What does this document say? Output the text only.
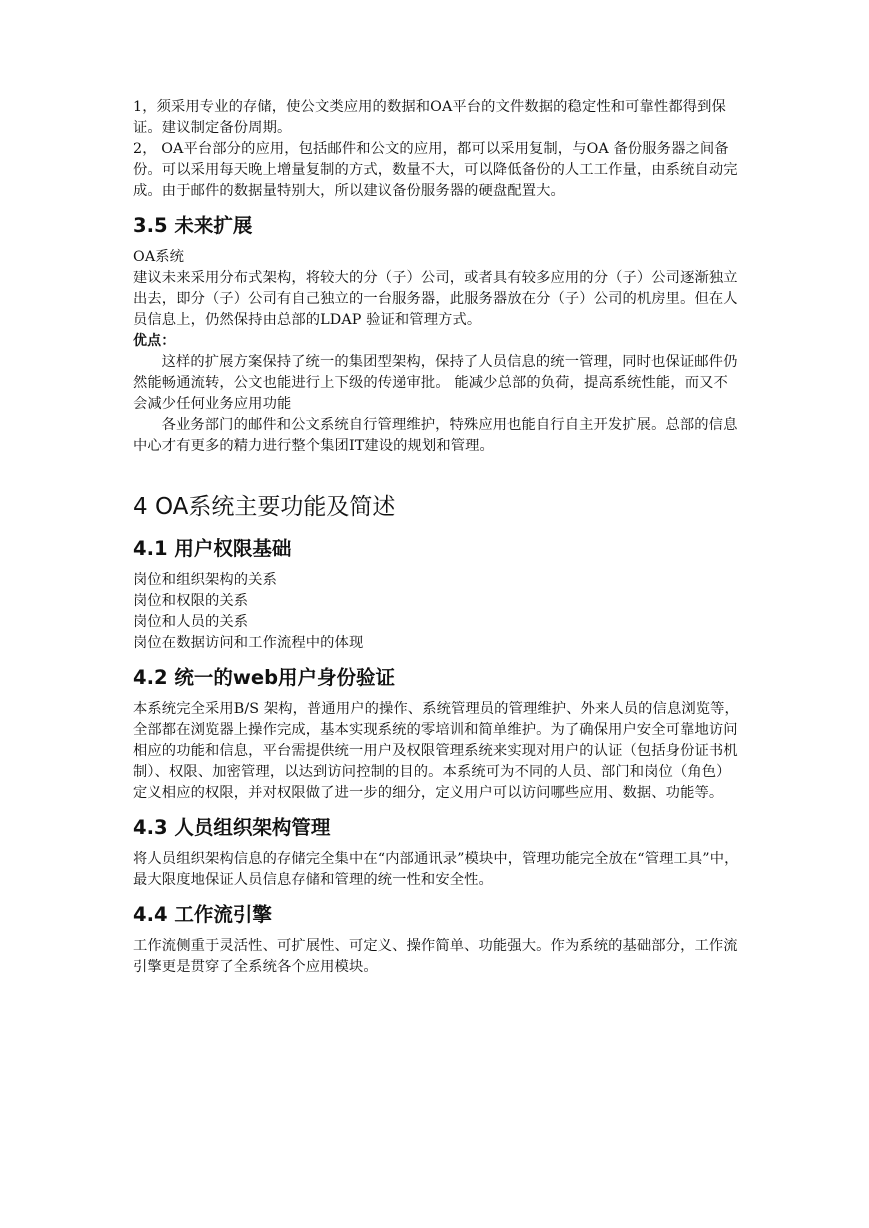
1，须采用专业的存储，使公文类应用的数据和OA平台的文件数据的稳定性和可靠性都得到保证。建议制定备份周期。

2， OA平台部分的应用，包括邮件和公文的应用，都可以采用复制，与OA 备份服务器之间备份。可以采用每天晚上增量复制的方式，数量不大，可以降低备份的人工工作量，由系统自动完成。由于邮件的数据量特别大，所以建议备份服务器的硬盘配置大。

3.5 未来扩展

OA系统

建议未来采用分布式架构，将较大的分（子）公司，或者具有较多应用的分（子）公司逐渐独立出去，即分（子）公司有自己独立的一台服务器，此服务器放在分（子）公司的机房里。但在人员信息上，仍然保持由总部的LDAP 验证和管理方式。

优点：

这样的扩展方案保持了统一的集团型架构，保持了人员信息的统一管理，同时也保证邮件仍然能畅通流转，公文也能进行上下级的传递审批。 能减少总部的负荷，提高系统性能，而又不会减少任何业务应用功能

各业务部门的邮件和公文系统自行管理维护，特殊应用也能自行自主开发扩展。总部的信息中心才有更多的精力进行整个集团IT建设的规划和管理。

4 OA系统主要功能及简述
4.1 用户权限基础

岗位和组织架构的关系

岗位和权限的关系

岗位和人员的关系

岗位在数据访问和工作流程中的体现

4.2 统一的web用户身份验证

本系统完全采用B/S 架构，普通用户的操作、系统管理员的管理维护、外来人员的信息浏览等，全部都在浏览器上操作完成，基本实现系统的零培训和简单维护。为了确保用户安全可靠地访问相应的功能和信息，平台需提供统一用户及权限管理系统来实现对用户的认证（包括身份证书机制）、权限、加密管理，以达到访问控制的目的。本系统可为不同的人员、部门和岗位（角色）定义相应的权限，并对权限做了进一步的细分，定义用户可以访问哪些应用、数据、功能等。

4.3 人员组织架构管理

将人员组织架构信息的存储完全集中在“内部通讯录”模块中，管理功能完全放在“管理工具”中，最大限度地保证人员信息存储和管理的统一性和安全性。

4.4 工作流引擎

工作流侧重于灵活性、可扩展性、可定义、操作简单、功能强大。作为系统的基础部分，工作流引擎更是贯穿了全系统各个应用模块。
